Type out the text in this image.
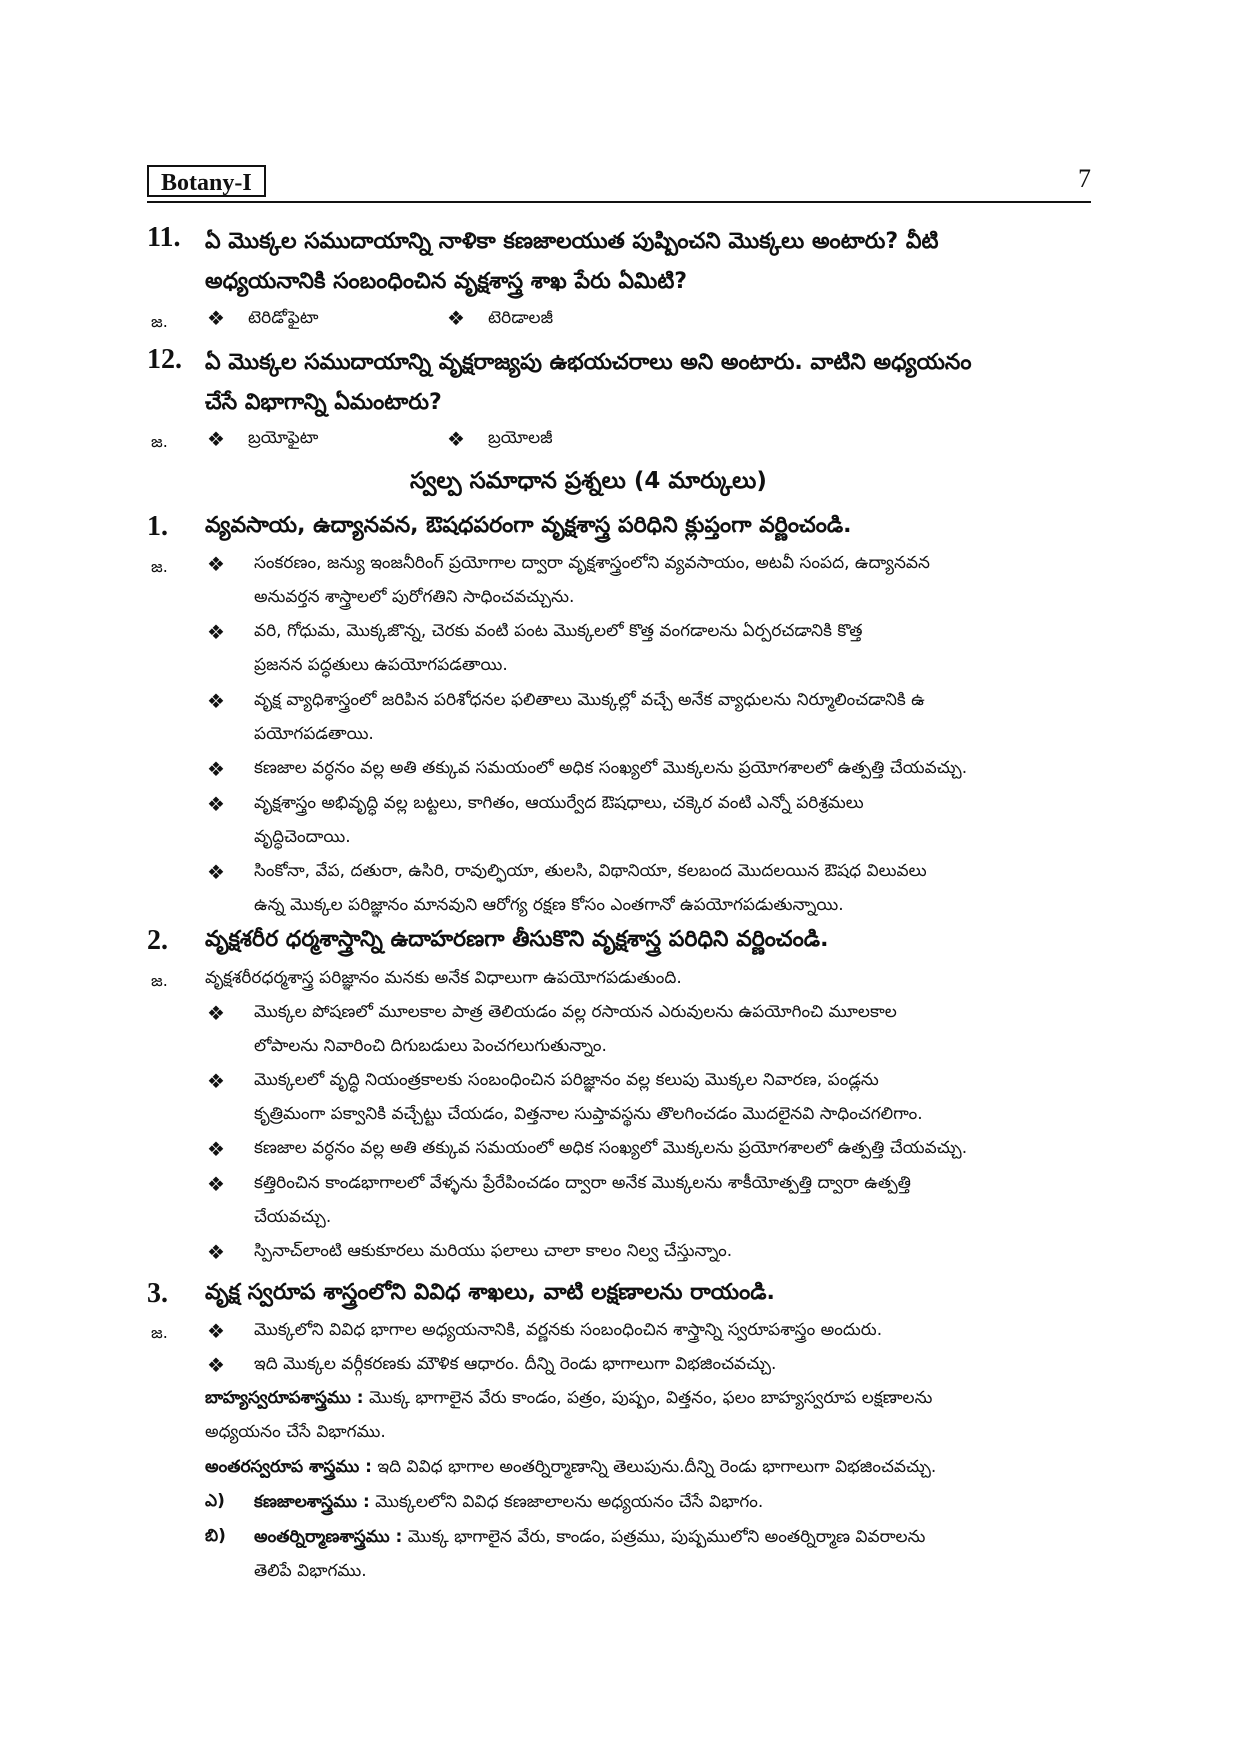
Botany-I	7
11. ఏ మొక్కల సముదాయాన్ని నాళికా కణజాలయుత పుష్పించని మొక్కలు అంటారు? వీటి
అధ్యయనానికి సంబంధించిన వృక్షశాస్త్ర శాఖ పేరు ఏమిటి?
జ. ❖ టెరిడోఫైటా	❖ టెరిడాలజీ
12. ఏ మొక్కల సముదాయాన్ని వృక్షరాజ్యపు ఉభయచరాలు అని అంటారు. వాటిని అధ్యయనం
చేసే విభాగాన్ని ఏమంటారు?
జ. ❖ బ్రయోఫైటా	❖ బ్రయోలజీ
స్వల్ప సమాధాన ప్రశ్నలు (4 మార్కులు)
1. వ్యవసాయ, ఉద్యానవన, ఔషధపరంగా వృక్షశాస్త్ర పరిధిని క్లుప్తంగా వర్ణించండి.
జ. ❖ సంకరణం, జన్యు ఇంజనీరింగ్ ప్రయోగాల ద్వారా వృక్షశాస్త్రంలోని వ్యవసాయం, అటవీ సంపద, ఉద్యానవన
అనువర్తన శాస్త్రాలలో పురోగతిని సాధించవచ్చును.
❖ వరి, గోధుమ, మొక్కజొన్న, చెరకు వంటి పంట మొక్కలలో కొత్త వంగడాలను ఏర్పరచడానికి కొత్త
ప్రజనన పద్ధతులు ఉపయోగపడతాయి.
❖ వృక్ష వ్యాధిశాస్త్రంలో జరిపిన పరిశోధనల ఫలితాలు మొక్కల్లో వచ్చే అనేక వ్యాధులను నిర్మూలించడానికి ఉ
పయోగపడతాయి.
❖ కణజాల వర్ధనం వల్ల అతి తక్కువ సమయంలో అధిక సంఖ్యలో మొక్కలను ప్రయోగశాలలో ఉత్పత్తి చేయవచ్చు.
❖ వృక్షశాస్త్రం అభివృద్ధి వల్ల బట్టలు, కాగితం, ఆయుర్వేద ఔషధాలు, చక్కెర వంటి ఎన్నో పరిశ్రమలు
వృద్ధిచెందాయి.
❖ సింకోనా, వేప, దతురా, ఉసిరి, రావుల్ఫియా, తులసి, విథానియా, కలబంద మొదలయిన ఔషధ విలువలు
ఉన్న మొక్కల పరిజ్ఞానం మానవుని ఆరోగ్య రక్షణ కోసం ఎంతగానో ఉపయోగపడుతున్నాయి.
2. వృక్షశరీర ధర్మశాస్త్రాన్ని ఉదాహరణగా తీసుకొని వృక్షశాస్త్ర పరిధిని వర్ణించండి.
జ. వృక్షశరీరధర్మశాస్త్ర పరిజ్ఞానం మనకు అనేక విధాలుగా ఉపయోగపడుతుంది.
❖ మొక్కల పోషణలో మూలకాల పాత్ర తెలియడం వల్ల రసాయన ఎరువులను ఉపయోగించి మూలకాల
లోపాలను నివారించి దిగుబడులు పెంచగలుగుతున్నాం.
❖ మొక్కలలో వృద్ధి నియంత్రకాలకు సంబంధించిన పరిజ్ఞానం వల్ల కలుపు మొక్కల నివారణ, పండ్లను
కృత్రిమంగా పక్వానికి వచ్చేట్టు చేయడం, విత్తనాల సుప్తావస్థను తొలగించడం మొదలైనవి సాధించగలిగాం.
❖ కణజాల వర్ధనం వల్ల అతి తక్కువ సమయంలో అధిక సంఖ్యలో మొక్కలను ప్రయోగశాలలో ఉత్పత్తి చేయవచ్చు.
❖ కత్తిరించిన కాండభాగాలలో వేళ్ళను ప్రేరేపించడం ద్వారా అనేక మొక్కలను శాకీయోత్పత్తి ద్వారా ఉత్పత్తి
చేయవచ్చు.
❖ స్పినాచ్‌లాంటి ఆకుకూరలు మరియు ఫలాలు చాలా కాలం నిల్వ చేస్తున్నాం.
3. వృక్ష స్వరూప శాస్త్రంలోని వివిధ శాఖలు, వాటి లక్షణాలను రాయండి.
జ. ❖ మొక్కలోని వివిధ భాగాల అధ్యయనానికి, వర్ణనకు సంబంధించిన శాస్త్రాన్ని స్వరూపశాస్త్రం అందురు.
❖ ఇది మొక్కల వర్గీకరణకు మౌళిక ఆధారం. దీన్ని రెండు భాగాలుగా విభజించవచ్చు.
బాహ్యస్వరూపశాస్త్రము : మొక్క భాగాలైన వేరు కాండం, పత్రం, పుష్పం, విత్తనం, ఫలం బాహ్యస్వరూప లక్షణాలను
అధ్యయనం చేసే విభాగము.
అంతరస్వరూప శాస్త్రము : ఇది వివిధ భాగాల అంతర్నిర్మాణాన్ని తెలుపును.దీన్ని రెండు భాగాలుగా విభజించవచ్చు.
ఎ) కణజాలశాస్త్రము : మొక్కలలోని వివిధ కణజాలాలను అధ్యయనం చేసే విభాగం.
బి) అంతర్నిర్మాణశాస్త్రము : మొక్క భాగాలైన వేరు, కాండం, పత్రము, పుష్పములోని అంతర్నిర్మాణ వివరాలను
తెలిపే విభాగము.
